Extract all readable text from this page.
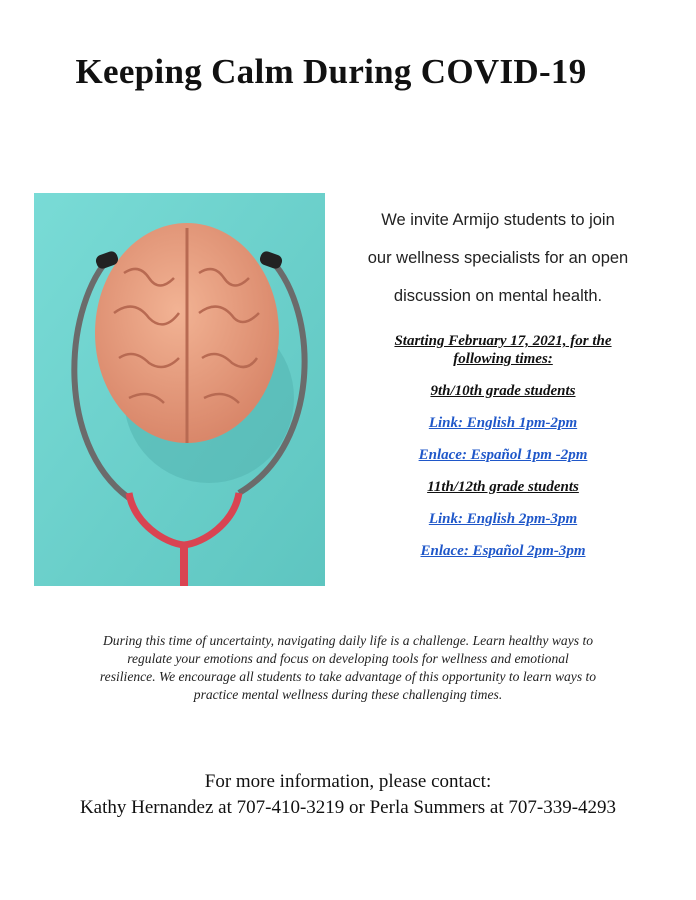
Keeping Calm During COVID-19
We invite Armijo students to join
our wellness specialists for an open
discussion on mental health.
Starting February 17, 2021, for the
following times:
9th/10th grade students
Link: English 1pm-2pm
Enlace: Español 1pm -2pm
11th/12th grade students
Link: English 2pm-3pm
Enlace: Español 2pm-3pm
During this time of uncertainty, navigating daily life is a challenge. Learn healthy ways to
regulate your emotions and focus on developing tools for wellness and emotional
resilience. We encourage all students to take advantage of this opportunity to learn ways to
practice mental wellness during these challenging times.
For more information, please contact:
Kathy Hernandez at 707-410-3219 or Perla Summers at 707-339-4293
